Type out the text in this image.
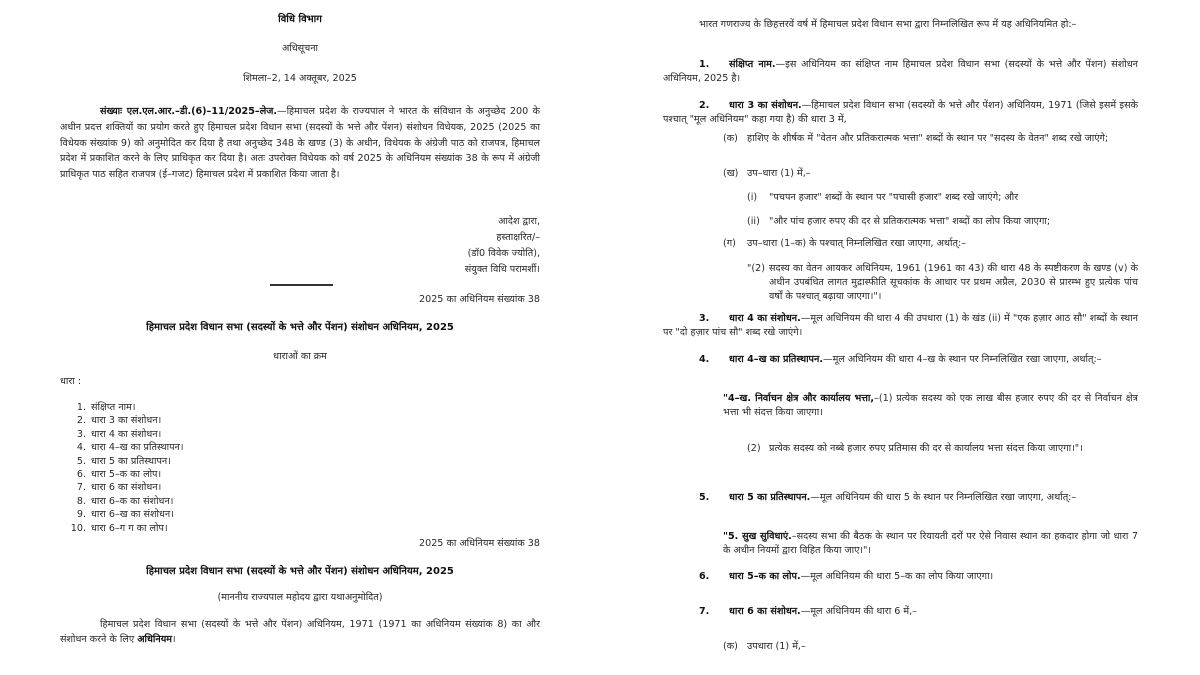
विधि विभाग
अधिसूचना
शिमला–2, 14 अक्तूबर, 2025
संख्याः एल.एल.आर.–डी.(6)–11/2025–लेज.—हिमाचल प्रदेश के राज्यपाल ने भारत के संविधान के अनुच्छेद 200 के अधीन प्रदत्त शक्तियों का प्रयोग करते हुए हिमाचल प्रदेश विधान सभा (सदस्यों के भत्ते और पेंशन) संशोधन विधेयक, 2025 (2025 का विधेयक संख्यांक 9) को अनुमोदित कर दिया है तथा अनुच्छेद 348 के खण्ड (3) के अधीन, विधेयक के अंग्रेजी पाठ को राजपत्र, हिमाचल प्रदेश में प्रकाशित करने के लिए प्राधिकृत कर दिया है। अतः उपरोक्त विधेयक को वर्ष 2025 के अधिनियम संख्यांक 38 के रूप में अंग्रेजी प्राधिकृत पाठ सहित राजपत्र (ई–गजट) हिमाचल प्रदेश में प्रकाशित किया जाता है।
आदेश द्वारा,
हस्ताक्षरित/–
(डॉ0 विवेक ज्योति),
संयुक्त विधि परामर्शी।
2025 का अधिनियम संख्यांक 38
हिमाचल प्रदेश विधान सभा (सदस्यों के भत्ते और पेंशन) संशोधन अधिनियम, 2025
धाराओं का क्रम
धारा :
1. संक्षिप्त नाम।
2. धारा 3 का संशोधन।
3. धारा 4 का संशोधन।
4. धारा 4–ख का प्रतिस्थापन।
5. धारा 5 का प्रतिस्थापन।
6. धारा 5–क का लोप।
7. धारा 6 का संशोधन।
8. धारा 6–क का संशोधन।
9. धारा 6–ख का संशोधन।
10. धारा 6–ग ग का लोप।
2025 का अधिनियम संख्यांक 38
हिमाचल प्रदेश विधान सभा (सदस्यों के भत्ते और पेंशन) संशोधन अधिनियम, 2025
(माननीय राज्यपाल महोदय द्वारा यथाअनुमोदित)
हिमाचल प्रदेश विधान सभा (सदस्यों के भत्ते और पेंशन) अधिनियम, 1971 (1971 का अधिनियम संख्यांक 8) का और संशोधन करने के लिए अधिनियम।
भारत गणराज्य के छिहत्तरवें वर्ष में हिमाचल प्रदेश विधान सभा द्वारा निम्नलिखित रूप में यह अधिनियमित हो:–
1. संक्षिप्त नाम.—इस अधिनियम का संक्षिप्त नाम हिमाचल प्रदेश विधान सभा (सदस्यों के भत्ते और पेंशन) संशोधन अधिनियम, 2025 है।
2. धारा 3 का संशोधन.—हिमाचल प्रदेश विधान सभा (सदस्यों के भत्ते और पेंशन) अधिनियम, 1971 (जिसे इसमें इसके पश्चात् "मूल अधिनियम" कहा गया है) की धारा 3 में,
(क) हाशिए के शीर्षक में "वेतन और प्रतिकरात्मक भत्ता" शब्दों के स्थान पर "सदस्य के वेतन" शब्द रखे जाएंगे;
(ख) उप–धारा (1) में,–
(i)	"पचपन हजार" शब्दों के स्थान पर "पचासी हजार" शब्द रखे जाएंगे; और
(ii) "और पांच हजार रुपए की दर से प्रतिकरात्मक भत्ता" शब्दों का लोप किया जाएगा;
(ग)	उप–धारा (1–क) के पश्चात् निम्नलिखित रखा जाएगा, अर्थात्:–
"(2) सदस्य का वेतन आयकर अधिनियम, 1961 (1961 का 43) की धारा 48 के स्पष्टीकरण के खण्ड (v) के अधीन उपबंधित लागत मुद्रास्फीति सूचकांक के आधार पर प्रथम अप्रैल, 2030 से प्रारम्भ हुए प्रत्येक पांच वर्षों के पश्चात् बढ़ाया जाएगा।"।
3. धारा 4 का संशोधन.—मूल अधिनियम की धारा 4 की उपधारा (1) के खंड (ii) में "एक हज़ार आठ सौ" शब्दों के स्थान पर "दो हज़ार पांच सौ" शब्द रखे जाएंगे।
4. धारा 4–ख का प्रतिस्थापन.—मूल अधिनियम की धारा 4–ख के स्थान पर निम्नलिखित रखा जाएगा, अर्थात्:–
"4–ख. निर्वाचन क्षेत्र और कार्यालय भत्ता,–(1) प्रत्येक सदस्य को एक लाख बीस हजार रुपए की दर से निर्वाचन क्षेत्र भत्ता भी संदत्त किया जाएगा।
(2) प्रत्येक सदस्य को नब्बे हजार रुपए प्रतिमास की दर से कार्यालय भत्ता संदत्त किया जाएगा।"।
5. धारा 5 का प्रतिस्थापन.—मूल अधिनियम की धारा 5 के स्थान पर निम्नलिखित रखा जाएगा, अर्थात्:–
"5. सुख सुविधाएं.–सदस्य सभा की बैठक के स्थान पर रियायती दरों पर ऐसे निवास स्थान का हकदार होगा जो धारा 7 के अधीन नियमों द्वारा विहित किया जाए।"।
6. धारा 5–क का लोप.—मूल अधिनियम की धारा 5–क का लोप किया जाएगा।
7. धारा 6 का संशोधन.—मूल अधिनियम की धारा 6 में,–
(क) उपधारा (1) में,–
